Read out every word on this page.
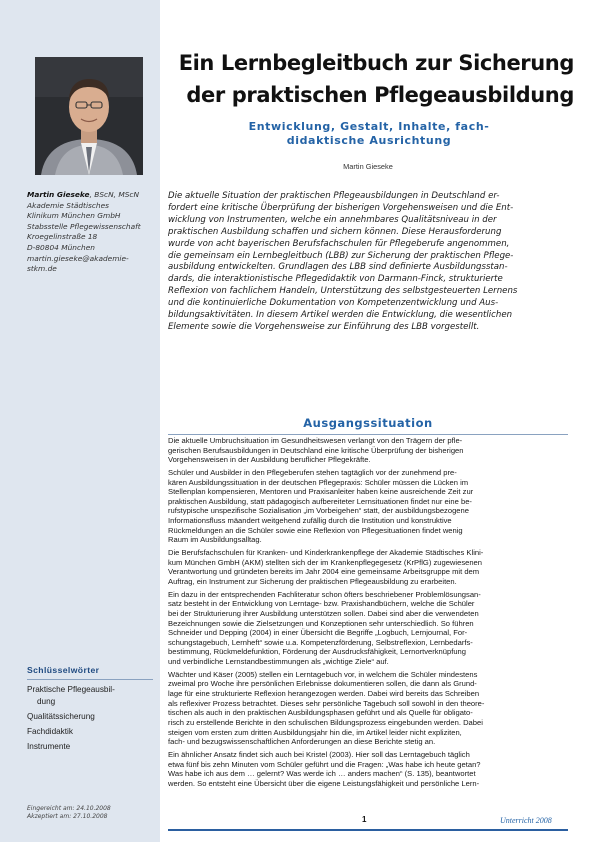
Martin Gieseke, BScN, MScN
Akademie Städtisches
Klinikum München GmbH
Stabsstelle Pflegewissenschaft
Kroegelinstraße 18
D-80804 München
martin.gieseke@akademie-
stkm.de
Schlüsselwörter
Praktische Pflegeausbil-
dung
Qualitätssicherung
Fachdidaktik
Instrumente
Eingereicht am: 24.10.2008
Akzeptiert am: 27.10.2008
Ein Lernbegleitbuch zur Sicherung
der praktischen Pflegeausbildung
Entwicklung, Gestalt, Inhalte, fach-
didaktische Ausrichtung
Martin Gieseke
Die aktuelle Situation der praktischen Pflegeausbildungen in Deutschland er-
fordert eine kritische Überprüfung der bisherigen Vorgehensweisen und die Ent-
wicklung von Instrumenten, welche ein annehmbares Qualitätsniveau in der
praktischen Ausbildung schaffen und sichern können. Diese Herausforderung
wurde von acht bayerischen Berufsfachschulen für Pflegeberufe angenommen,
die gemeinsam ein Lernbegleitbuch (LBB) zur Sicherung der praktischen Pflege-
ausbildung entwickelten. Grundlagen des LBB sind definierte Ausbildungsstan-
dards, die interaktionistische Pflegedidaktik von Darmann-Finck, strukturierte
Reflexion von fachlichem Handeln, Unterstützung des selbstgesteuerten Lernens
und die kontinuierliche Dokumentation von Kompetenzentwicklung und Aus-
bildungsaktivitäten. In diesem Artikel werden die Entwicklung, die wesentlichen
Elemente sowie die Vorgehensweise zur Einführung des LBB vorgestellt.
Ausgangssituation
Die aktuelle Umbruchsituation im Gesundheitswesen verlangt von den Trägern der pfle-
gerischen Berufsausbildungen in Deutschland eine kritische Überprüfung der bisherigen
Vorgehensweisen in der Ausbildung beruflicher Pflegekräfte.
Schüler und Ausbilder in den Pflegeberufen stehen tagtäglich vor der zunehmend pre-
kären Ausbildungssituation in der deutschen Pflegepraxis: Schüler müssen die Lücken im
Stellenplan kompensieren, Mentoren und Praxisanleiter haben keine ausreichende Zeit zur
praktischen Ausbildung, statt pädagogisch aufbereiteter Lernsituationen findet nur eine be-
rufstypische unspezifische Sozialisation „im Vorbeigehen“ statt, der ausbildungsbezogene
Informationsfluss mäandert weitgehend zufällig durch die Institution und konstruktive
Rückmeldungen an die Schüler sowie eine Reflexion von Pflegesituationen findet wenig
Raum im Ausbildungsalltag.
Die Berufsfachschulen für Kranken- und Kinderkrankenpflege der Akademie Städtisches Klini-
kum München GmbH (AKM) stellten sich der im Krankenpflegegesetz (KrPflG) zugewiesenen
Verantwortung und gründeten bereits im Jahr 2004 eine gemeinsame Arbeitsgruppe mit dem
Auftrag, ein Instrument zur Sicherung der praktischen Pflegeausbildung zu erarbeiten.
Ein dazu in der entsprechenden Fachliteratur schon öfters beschriebener Problemlösungsan-
satz besteht in der Entwicklung von Lerntage- bzw. Praxishandbüchern, welche die Schüler
bei der Strukturierung ihrer Ausbildung unterstützen sollen. Dabei sind aber die verwendeten
Bezeichnungen sowie die Zielsetzungen und Konzeptionen sehr unterschiedlich. So führen
Schneider und Depping (2004) in einer Übersicht die Begriffe „Logbuch, Lernjournal, For-
schungstagebuch, Lernheft“ sowie u.a. Kompetenzförderung, Selbstreflexion, Lernbedarfs-
bestimmung, Rückmeldefunktion, Förderung der Ausdrucksfähigkeit, Lernortverknüpfung
und verbindliche Lernstandbestimmungen als „wichtige Ziele“ auf.
Wächter und Käser (2005) stellen ein Lerntagebuch vor, in welchem die Schüler mindestens
zweimal pro Woche ihre persönlichen Erlebnisse dokumentieren sollen, die dann als Grund-
lage für eine strukturierte Reflexion herangezogen werden. Dabei wird bereits das Schreiben
als reflexiver Prozess betrachtet. Dieses sehr persönliche Tagebuch soll sowohl in den theore-
tischen als auch in den praktischen Ausbildungsphasen geführt und als Quelle für obligato-
risch zu erstellende Berichte in den schulischen Bildungsprozess eingebunden werden. Dabei
steigen vom ersten zum dritten Ausbildungsjahr hin die, im Artikel leider nicht expliziten,
fach- und bezugswissenschaftlichen Anforderungen an diese Berichte stetig an.
Ein ähnlicher Ansatz findet sich auch bei Kristel (2003). Hier soll das Lerntagebuch täglich
etwa fünf bis zehn Minuten vom Schüler geführt und die Fragen: „Was habe ich heute getan?
Was habe ich aus dem … gelernt? Was werde ich … anders machen“ (S. 135), beantwortet
werden. So entsteht eine Übersicht über die eigene Leistungsfähigkeit und persönliche Lern-
1	Unterricht 2008
